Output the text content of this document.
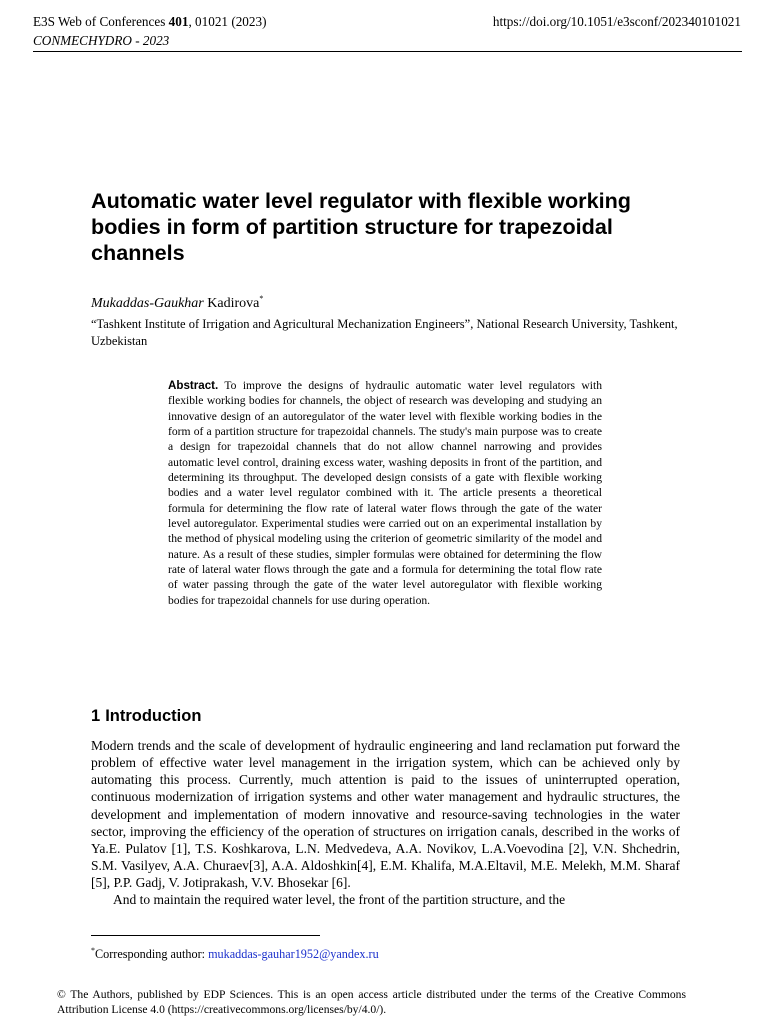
E3S Web of Conferences 401, 01021 (2023)
CONMECHYDRO - 2023
https://doi.org/10.1051/e3sconf/202340101021
Automatic water level regulator with flexible working bodies in form of partition structure for trapezoidal channels
Mukaddas-Gaukhar Kadirova*
“Tashkent Institute of Irrigation and Agricultural Mechanization Engineers”, National Research University, Tashkent, Uzbekistan

Abstract. To improve the designs of hydraulic automatic water level regulators with flexible working bodies for channels, the object of research was developing and studying an innovative design of an autoregulator of the water level with flexible working bodies in the form of a partition structure for trapezoidal channels. The study's main purpose was to create a design for trapezoidal channels that do not allow channel narrowing and provides automatic level control, draining excess water, washing deposits in front of the partition, and determining its throughput. The developed design consists of a gate with flexible working bodies and a water level regulator combined with it. The article presents a theoretical formula for determining the flow rate of lateral water flows through the gate of the water level autoregulator. Experimental studies were carried out on an experimental installation by the method of physical modeling using the criterion of geometric similarity of the model and nature. As a result of these studies, simpler formulas were obtained for determining the flow rate of lateral water flows through the gate and a formula for determining the total flow rate of water passing through the gate of the water level autoregulator with flexible working bodies for trapezoidal channels for use during operation.

1 Introduction

Modern trends and the scale of development of hydraulic engineering and land reclamation put forward the problem of effective water level management in the irrigation system, which can be achieved only by automating this process. Currently, much attention is paid to the issues of uninterrupted operation, continuous modernization of irrigation systems and other water management and hydraulic structures, the development and implementation of modern innovative and resource-saving technologies in the water sector, improving the efficiency of the operation of structures on irrigation canals, described in the works of Ya.E. Pulatov [1], T.S. Koshkarova, L.N. Medvedeva, A.A. Novikov, L.A.Voevodina [2], V.N. Shchedrin, S.M. Vasilyev, A.A. Churaev[3], A.A. Aldoshkin[4], E.M. Khalifa, M.A.Eltavil, M.E. Melekh, M.M. Sharaf [5], P.P. Gadj, V. Jotiprakash, V.V. Bhosekar [6].

And to maintain the required water level, the front of the partition structure, and the

*Corresponding author: mukaddas-gauhar1952@yandex.ru
© The Authors, published by EDP Sciences. This is an open access article distributed under the terms of the Creative Commons Attribution License 4.0 (https://creativecommons.org/licenses/by/4.0/).
